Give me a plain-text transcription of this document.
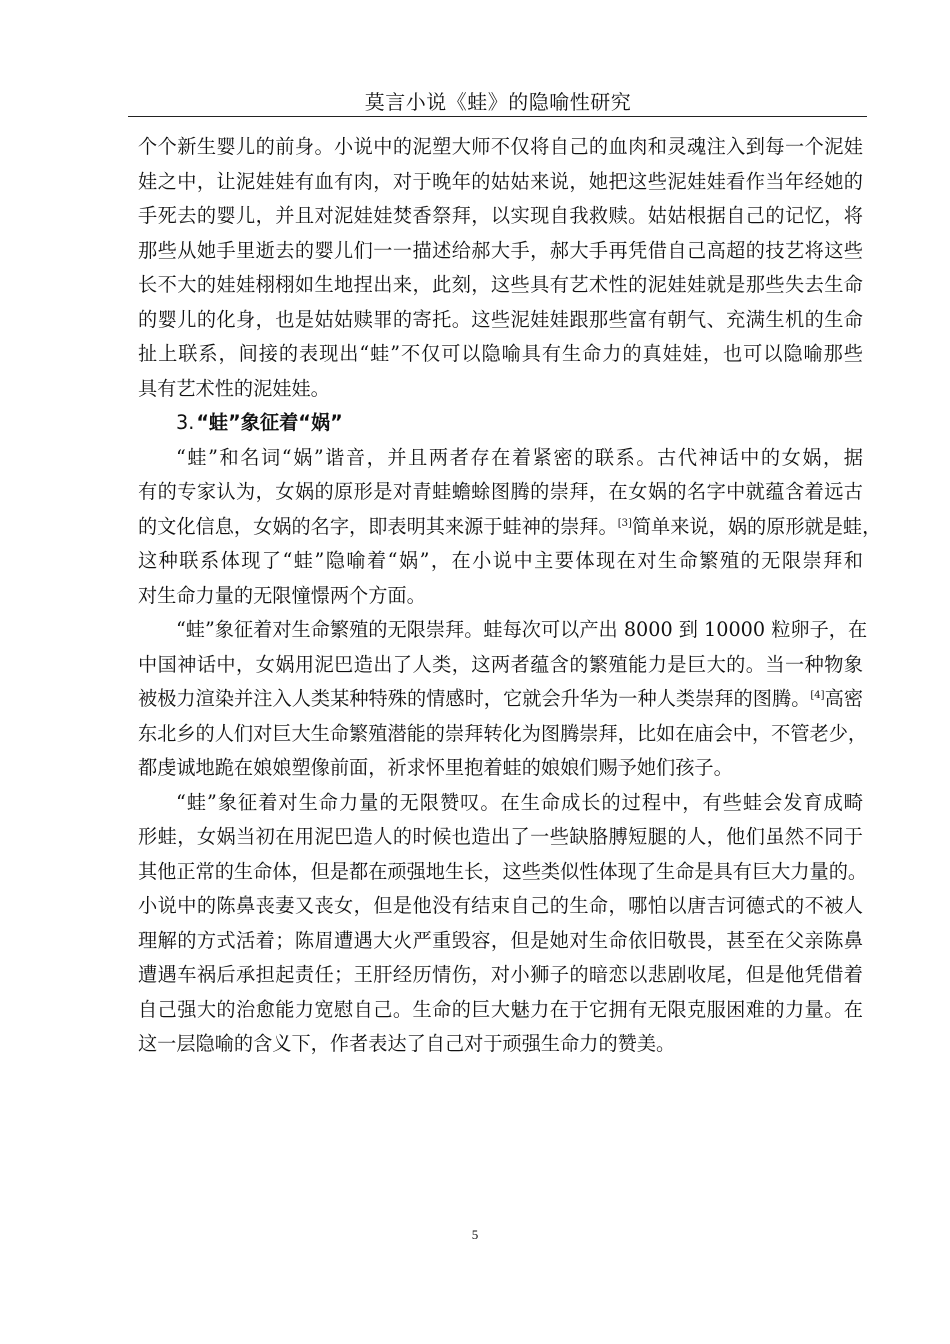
莫言小说《蛙》的隐喻性研究
个个新生婴儿的前身。小说中的泥塑大师不仅将自己的血肉和灵魂注入到每一个泥娃
娃之中，让泥娃娃有血有肉，对于晚年的姑姑来说，她把这些泥娃娃看作当年经她的
手死去的婴儿，并且对泥娃娃焚香祭拜，以实现自我救赎。姑姑根据自己的记忆，将
那些从她手里逝去的婴儿们一一描述给郝大手，郝大手再凭借自己高超的技艺将这些
长不大的娃娃栩栩如生地捏出来，此刻，这些具有艺术性的泥娃娃就是那些失去生命
的婴儿的化身，也是姑姑赎罪的寄托。这些泥娃娃跟那些富有朝气、充满生机的生命
扯上联系，间接的表现出“蛙”不仅可以隐喻具有生命力的真娃娃，也可以隐喻那些
具有艺术性的泥娃娃。
3. “蛙”象征着“娲”
“蛙”和名词“娲”谐音，并且两者存在着紧密的联系。古代神话中的女娲，据
有的专家认为，女娲的原形是对青蛙蟾蜍图腾的崇拜，在女娲的名字中就蕴含着远古
的文化信息，女娲的名字，即表明其来源于蛙神的崇拜。[3]简单来说，娲的原形就是蛙，
这种联系体现了“蛙”隐喻着“娲”，在小说中主要体现在对生命繁殖的无限崇拜和
对生命力量的无限憧憬两个方面。
“蛙”象征着对生命繁殖的无限崇拜。蛙每次可以产出 8000 到 10000 粒卵子，在
中国神话中，女娲用泥巴造出了人类，这两者蕴含的繁殖能力是巨大的。当一种物象
被极力渲染并注入人类某种特殊的情感时，它就会升华为一种人类崇拜的图腾。[4]高密
东北乡的人们对巨大生命繁殖潜能的崇拜转化为图腾崇拜，比如在庙会中，不管老少，
都虔诚地跪在娘娘塑像前面，祈求怀里抱着蛙的娘娘们赐予她们孩子。
“蛙”象征着对生命力量的无限赞叹。在生命成长的过程中，有些蛙会发育成畸
形蛙，女娲当初在用泥巴造人的时候也造出了一些缺胳膊短腿的人，他们虽然不同于
其他正常的生命体，但是都在顽强地生长，这些类似性体现了生命是具有巨大力量的。
小说中的陈鼻丧妻又丧女，但是他没有结束自己的生命，哪怕以唐吉诃德式的不被人
理解的方式活着；陈眉遭遇大火严重毁容，但是她对生命依旧敬畏，甚至在父亲陈鼻
遭遇车祸后承担起责任；王肝经历情伤，对小狮子的暗恋以悲剧收尾，但是他凭借着
自己强大的治愈能力宽慰自己。生命的巨大魅力在于它拥有无限克服困难的力量。在
这一层隐喻的含义下，作者表达了自己对于顽强生命力的赞美。
5
